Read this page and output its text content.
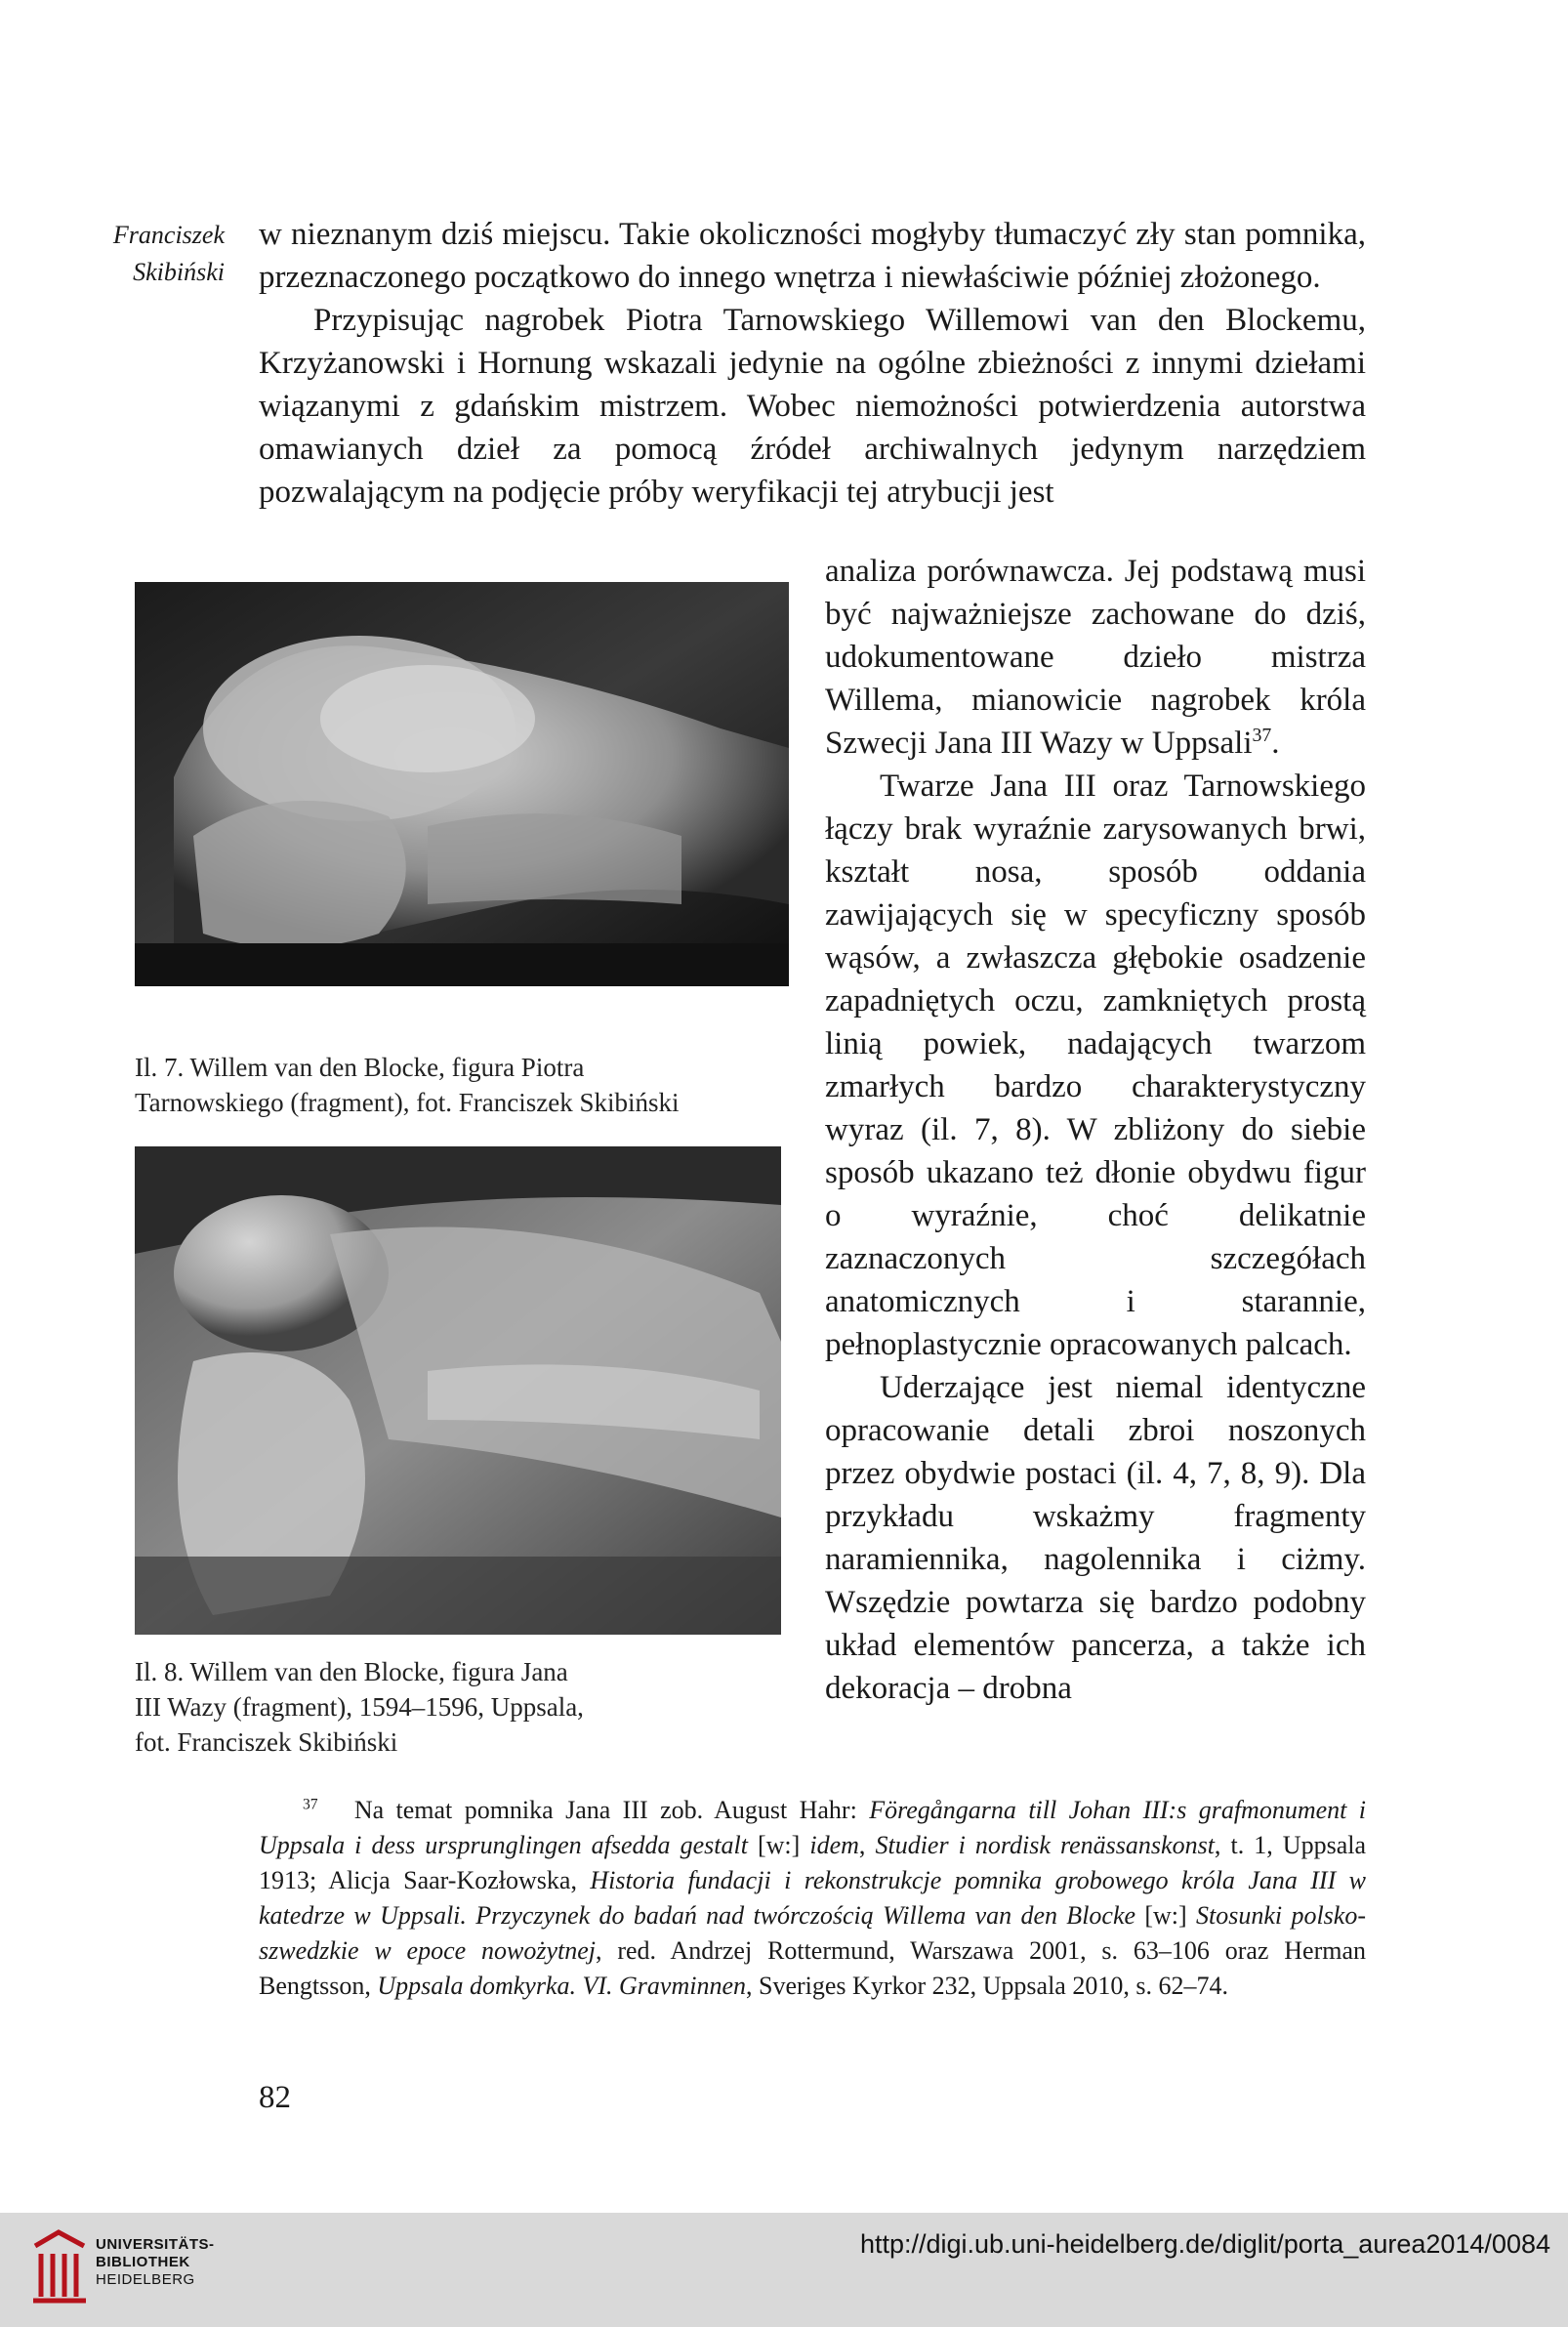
Franciszek
Skibiński

w nieznanym dziś miejscu. Takie okoliczności mogłyby tłumaczyć zły stan pomnika, przeznaczonego początkowo do innego wnętrza i niewłaściwie później złożonego.

Przypisując nagrobek Piotra Tarnowskiego Willemowi van den Blockemu, Krzyżanowski i Hornung wskazali jedynie na ogólne zbieżności z innymi dziełami wiązanymi z gdańskim mistrzem. Wobec niemożności potwierdzenia autorstwa omawianych dzieł za pomocą źródeł archiwalnych jedynym narzędziem pozwalającym na podjęcie próby weryfikacji tej atrybucji jest

analiza porównawcza. Jej podstawą musi być najważniejsze zachowane do dziś, udokumentowane dzieło mistrza Willema, mianowicie nagrobek króla Szwecji Jana III Wazy w Uppsali$^{37}$.

Twarze Jana III oraz Tarnowskiego łączy brak wyraźnie zarysowanych brwi, kształt nosa, sposób oddania zawijających się w specyficzny sposób wąsów, a zwłaszcza głębokie osadzenie zapadniętych oczu, zamkniętych prostą linią powiek, nadających twarzom zmarłych bardzo charakterystyczny wyraz (il. 7, 8). W zbliżony do siebie sposób ukazano też dłonie obydwu figur o wyraźnie, choć delikatnie zaznaczonych szczegółach anatomicznych i starannie, pełnoplastycznie opracowanych palcach.

Uderzające jest niemal identyczne opracowanie detali zbroi noszonych przez obydwie postaci (il. 4, 7, 8, 9). Dla przykładu wskażmy fragmenty naramiennika, nagolennika i ciżmy. Wszędzie powtarza się bardzo podobny układ elementów pancerza, a także ich dekoracja – drobna

Il. 7. Willem van den Blocke, figura Piotra
Tarnowskiego (fragment), fot. Franciszek Skibiński
Il. 8. Willem van den Blocke, figura Jana
III Wazy (fragment), 1594–1596, Uppsala,
fot. Franciszek Skibiński

$^{37}$ Na temat pomnika Jana III zob. August Hahr: Föregångarna till Johan III:s grafmonument i Uppsala i dess ursprunglingen afsedda gestalt [w:] idem, Studier i nordisk renässanskonst, t. 1, Uppsala 1913; Alicja Saar-Kozłowska, Historia fundacji i rekonstrukcje pomnika grobowego króla Jana III w katedrze w Uppsali. Przyczynek do badań nad twórczością Willema van den Blocke [w:] Stosunki polsko-szwedzkie w epoce nowożytnej, red. Andrzej Rottermund, Warszawa 2001, s. 63–106 oraz Herman Bengtsson, Uppsala domkyrka. VI. Gravminnen, Sveriges Kyrkor 232, Uppsala 2010, s. 62–74.

82
UNIVERSITÄTS-
BIBLIOTHEK
HEIDELBERG
http://digi.ub.uni-heidelberg.de/diglit/porta_aurea2014/0084
